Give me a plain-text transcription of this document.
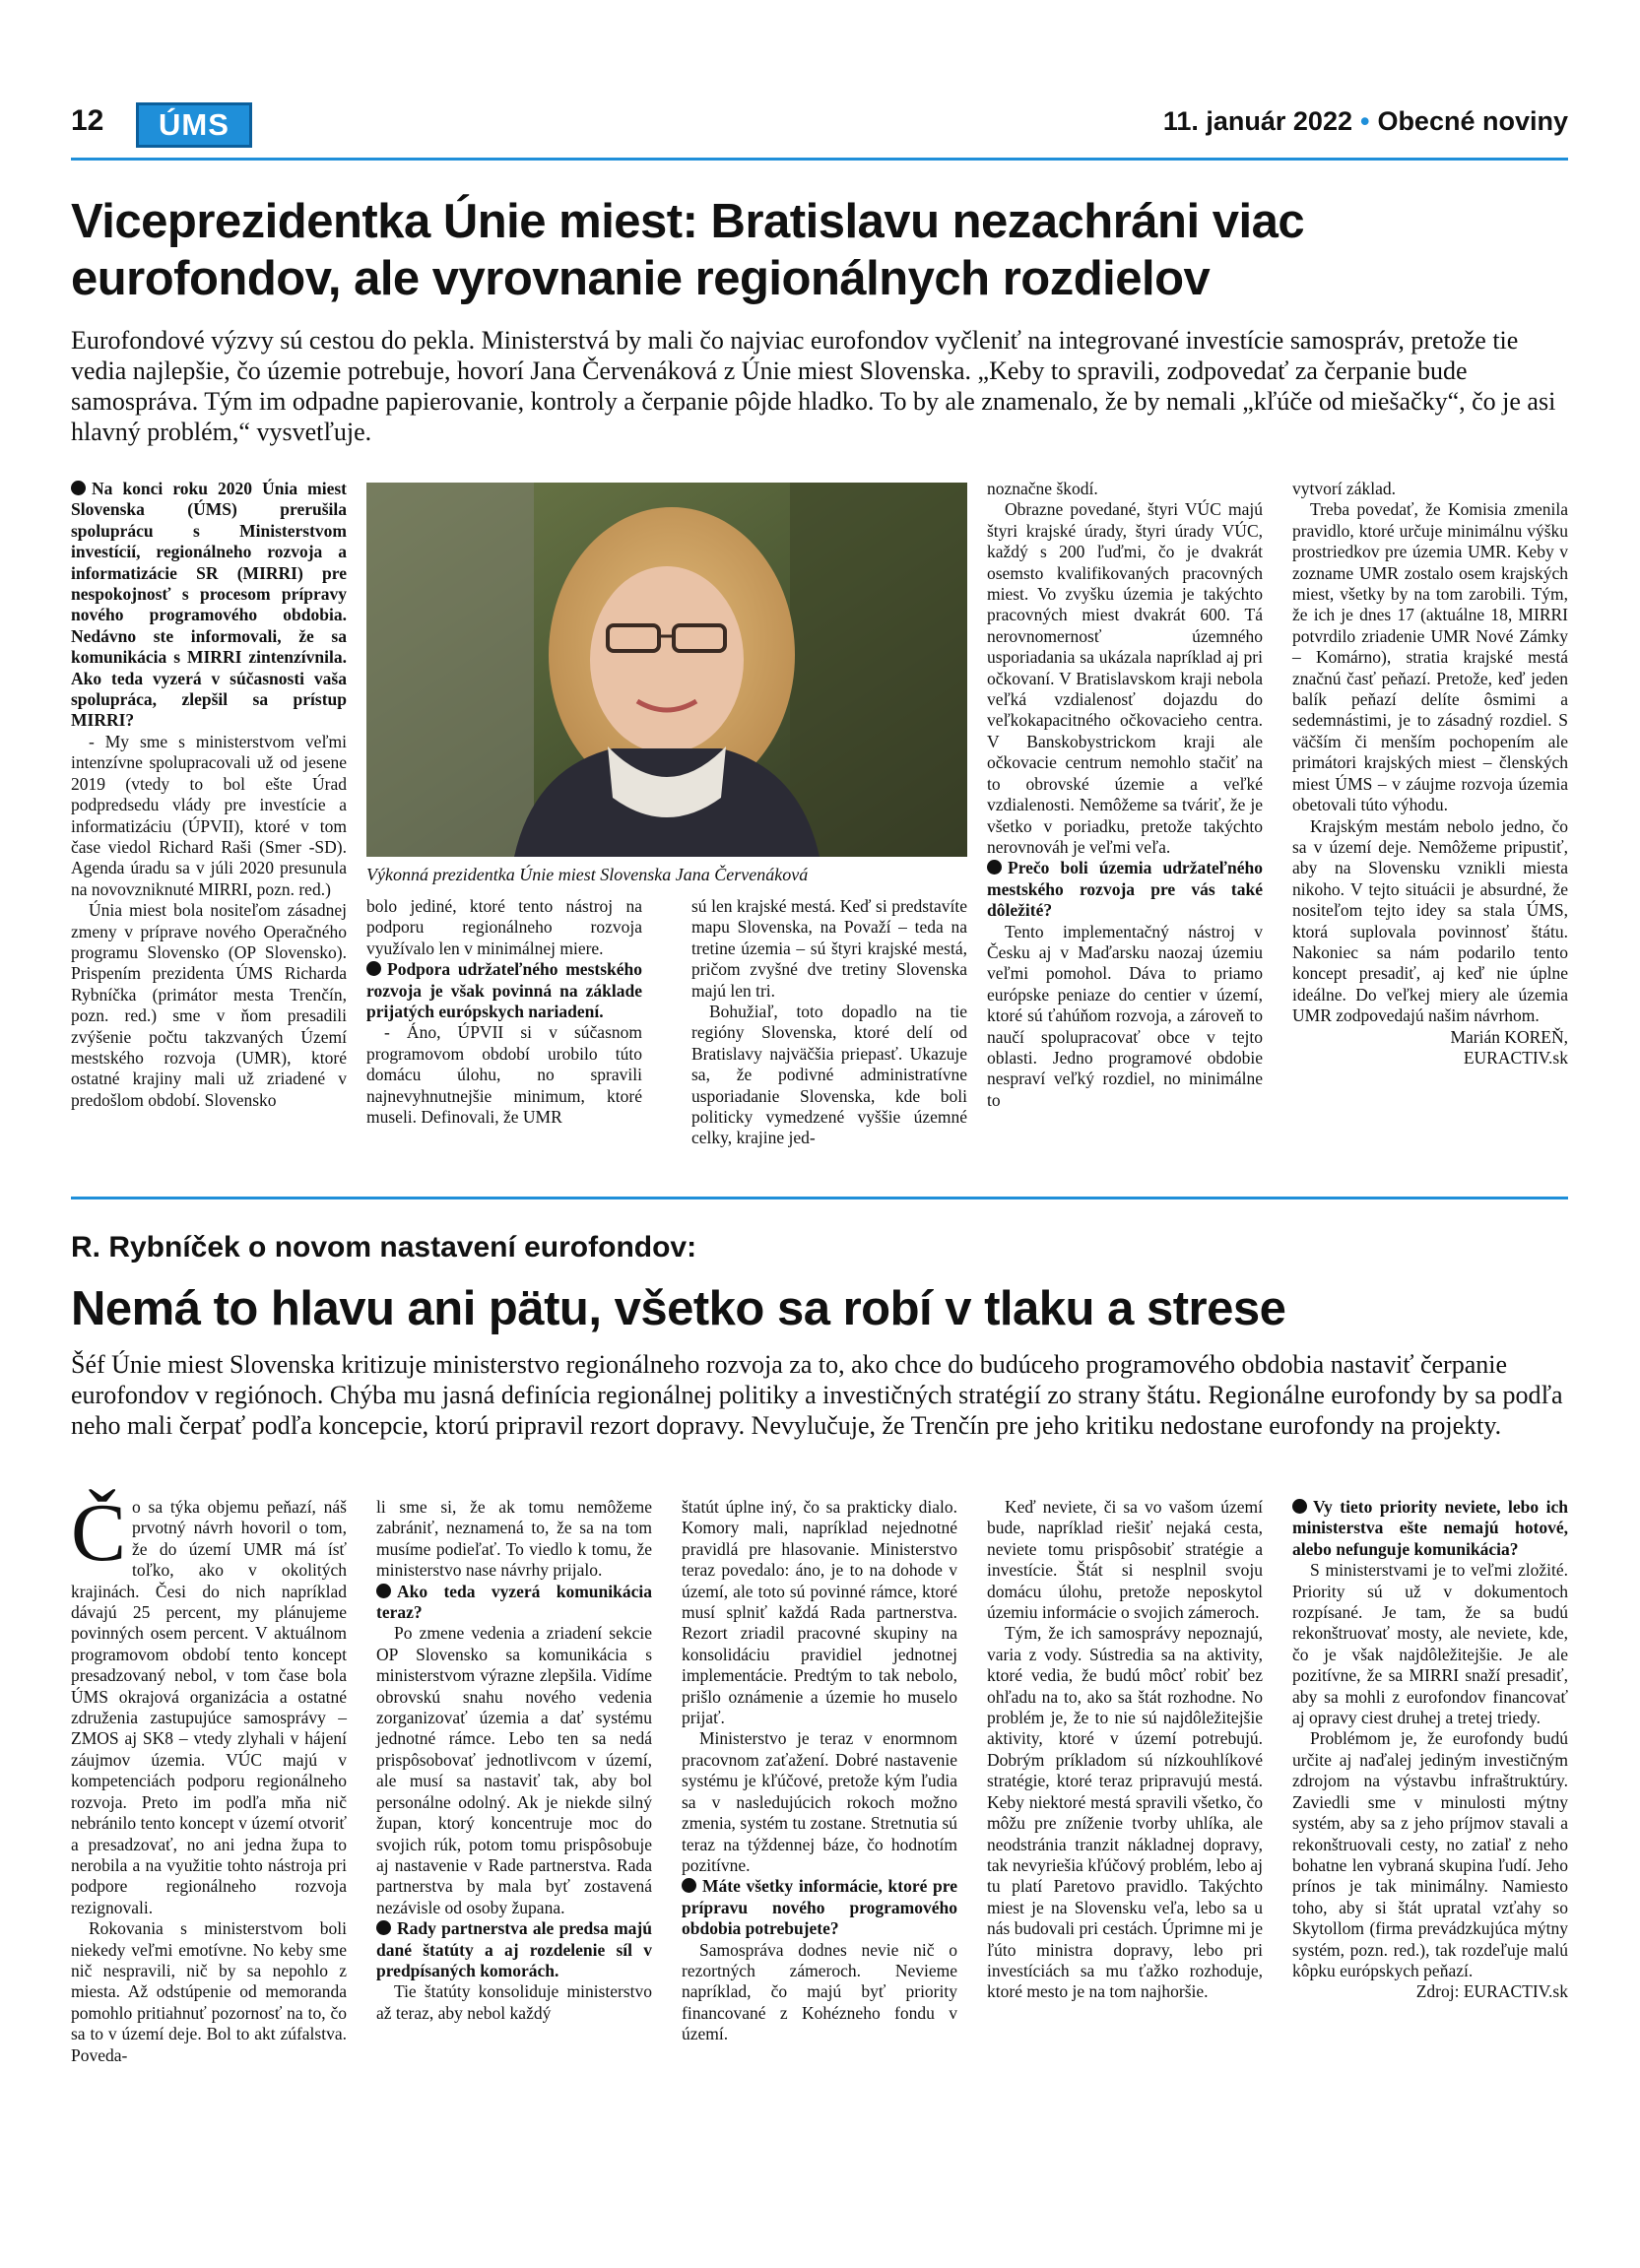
12	ÚMS	11. január 2022 • Obecné noviny
Viceprezidentka Únie miest: Bratislavu nezachráni viac eurofondov, ale vyrovnanie regionálnych rozdielov
Eurofondové výzvy sú cestou do pekla. Ministerstvá by mali čo najviac eurofondov vyčleniť na integrované investície samospráv, pretože tie vedia najlepšie, čo územie potrebuje, hovorí Jana Červenáková z Únie miest Slovenska. „Keby to spravili, zodpovedať za čerpanie bude samospráva. Tým im odpadne papierovanie, kontroly a čerpanie pôjde hladko. To by ale znamenalo, že by nemali „kľúče od miešačky“, čo je asi hlavný problém,“ vysvetľuje.

Na konci roku 2020 Únia miest Slovenska (ÚMS) prerušila spoluprácu s Ministerstvom investícií, regionálneho rozvoja a informatizácie SR (MIRRI) pre nespokojnosť s procesom prípravy nového programového obdobia. Nedávno ste informovali, že sa komunikácia s MIRRI zintenzívnila. Ako teda vyzerá v súčasnosti vaša spolupráca, zlepšil sa prístup MIRRI?

- My sme s ministerstvom veľmi intenzívne spolupracovali už od jesene 2019 (vtedy to bol ešte Úrad podpredsedu vlády pre investície a informatizáciu (ÚPVII), ktoré v tom čase viedol Richard Raši (Smer -SD). Agenda úradu sa v júli 2020 presunula na novovzniknuté MIRRI, pozn. red.)

Únia miest bola nositeľom zásadnej zmeny v príprave nového Operačného programu Slovensko (OP Slovensko). Prispením prezidenta ÚMS Richarda Rybníčka (primátor mesta Trenčín, pozn. red.) sme v ňom presadili zvýšenie počtu takzvaných Území mestského rozvoja (UMR), ktoré ostatné krajiny mali už zriadené v predošlom období. Slovensko

Výkonná prezidentka Únie miest Slovenska Jana Červenáková

bolo jediné, ktoré tento nástroj na podporu regionálneho rozvoja využívalo len v minimálnej miere.

Podpora udržateľného mestského rozvoja je však povinná na základe prijatých európskych nariadení.

- Áno, ÚPVII si v súčasnom programovom období urobilo túto domácu úlohu, no spravili najnevyhnutnejšie minimum, ktoré museli. Definovali, že UMR

sú len krajské mestá. Keď si predstavíte mapu Slovenska, na Považí – teda na tretine územia – sú štyri krajské mestá, pričom zvyšné dve tretiny Slovenska majú len tri.

Bohužiaľ, toto dopadlo na tie regióny Slovenska, ktoré delí od Bratislavy najväčšia priepasť. Ukazuje sa, že podivné administratívne usporiadanie Slovenska, kde boli politicky vymedzené vyššie územné celky, krajine jed-

noznačne škodí.

Obrazne povedané, štyri VÚC majú štyri krajské úrady, štyri úrady VÚC, každý s 200 ľuďmi, čo je dvakrát osemsto kvalifikovaných pracovných miest. Vo zvyšku územia je takýchto pracovných miest dvakrát 600. Tá nerovnomernosť územného usporiadania sa ukázala napríklad aj pri očkovaní. V Bratislavskom kraji nebola veľká vzdialenosť dojazdu do veľkokapacitného očkovacieho centra. V Banskobystrickom kraji ale očkovacie centrum nemohlo stačiť na to obrovské územie a veľké vzdialenosti. Nemôžeme sa tváriť, že je všetko v poriadku, pretože takýchto nerovnováh je veľmi veľa.

Prečo boli územia udržateľného mestského rozvoja pre vás také dôležité?

Tento implementačný nástroj v Česku aj v Maďarsku naozaj územiu veľmi pomohol. Dáva to priamo európske peniaze do centier v území, ktoré sú ťahúňom rozvoja, a zároveň to naučí spolupracovať obce v tejto oblasti. Jedno programové obdobie nespraví veľký rozdiel, no minimálne to

vytvorí základ.

Treba povedať, že Komisia zmenila pravidlo, ktoré určuje minimálnu výšku prostriedkov pre územia UMR. Keby v zozname UMR zostalo osem krajských miest, všetky by na tom zarobili. Tým, že ich je dnes 17 (aktuálne 18, MIRRI potvrdilo zriadenie UMR Nové Zámky – Komárno), stratia krajské mestá značnú časť peňazí. Pretože, keď jeden balík peňazí delíte ôsmimi a sedemnástimi, je to zásadný rozdiel. S väčším či menším pochopením ale primátori krajských miest – členských miest ÚMS – v záujme rozvoja územia obetovali túto výhodu.

Krajským mestám nebolo jedno, čo sa v území deje. Nemôžeme pripustiť, aby na Slovensku vznikli miesta nikoho. V tejto situácii je absurdné, že nositeľom tejto idey sa stala ÚMS, ktorá suplovala povinnosť štátu. Nakoniec sa nám podarilo tento koncept presadiť, aj keď nie úplne ideálne. Do veľkej miery ale územia UMR zodpovedajú našim návrhom.

Marián KOREŇ,

EURACTIV.sk

R. Rybníček o novom nastavení eurofondov:
Nemá to hlavu ani pätu, všetko sa robí v tlaku a strese
Šéf Únie miest Slovenska kritizuje ministerstvo regionálneho rozvoja za to, ako chce do budúceho programového obdobia nastaviť čerpanie eurofondov v regiónoch. Chýba mu jasná definícia regionálnej politiky a investičných stratégií zo strany štátu. Regionálne eurofondy by sa podľa neho mali čerpať podľa koncepcie, ktorú pripravil rezort dopravy. Nevylučuje, že Trenčín pre jeho kritiku nedostane eurofondy na projekty.

Čo sa týka objemu peňazí, náš prvotný návrh hovoril o tom, že do území UMR má ísť toľko, ako v okolitých krajinách. Česi do nich napríklad dávajú 25 percent, my plánujeme povinných osem percent. V aktuálnom programovom období tento koncept presadzovaný nebol, v tom čase bola ÚMS okrajová organizácia a ostatné združenia zastupujúce samosprávy – ZMOS aj SK8 – vtedy zlyhali v hájení záujmov územia. VÚC majú v kompetenciách podporu regionálneho rozvoja. Preto im podľa mňa nič nebránilo tento koncept v území otvoriť a presadzovať, no ani jedna župa to nerobila a na využitie tohto nástroja pri podpore regionálneho rozvoja rezignovali.

Rokovania s ministerstvom boli niekedy veľmi emotívne. No keby sme nič nespravili, nič by sa nepohlo z miesta. Až odstúpenie od memoranda pomohlo pritiahnuť pozornosť na to, čo sa to v území deje. Bol to akt zúfalstva. Poveda-

li sme si, že ak tomu nemôžeme zabrániť, neznamená to, že sa na tom musíme podieľať. To viedlo k tomu, že ministerstvo nase návrhy prijalo.

Ako teda vyzerá komunikácia teraz?

Po zmene vedenia a zriadení sekcie OP Slovensko sa komunikácia s ministerstvom výrazne zlepšila. Vidíme obrovskú snahu nového vedenia zorganizovať územia a dať systému jednotné rámce. Lebo ten sa nedá prispôsobovať jednotlivcom v území, ale musí sa nastaviť tak, aby bol personálne odolný. Ak je niekde silný župan, ktorý koncentruje moc do svojich rúk, potom tomu prispôsobuje aj nastavenie v Rade partnerstva. Rada partnerstva by mala byť zostavená nezávisle od osoby župana.

Rady partnerstva ale predsa majú dané štatúty a aj rozdelenie síl v predpísaných komorách.

Tie štatúty konsolidujе ministerstvo až teraz, aby nebol každý

štatút úplne iný, čo sa prakticky dialo. Komory mali, napríklad nejednotné pravidlá pre hlasovanie. Ministerstvo teraz povedalo: áno, je to na dohode v území, ale toto sú povinné rámce, ktoré musí splniť každá Rada partnerstva. Rezort zriadil pracovné skupiny na konsolidáciu pravidiel jednotnej implementácie. Predtým to tak nebolo, prišlo oznámenie a územie ho muselo prijať.

Ministerstvo je teraz v enormnom pracovnom zaťažení. Dobré nastavenie systému je kľúčové, pretože kým ľudia sa v nasledujúcich rokoch možno zmenia, systém tu zostane. Stretnutia sú teraz na týždennej báze, čo hodnotím pozitívne.

Máte všetky informácie, ktoré pre prípravu nového programového obdobia potrebujete?

Samospráva dodnes nevie nič o rezortných zámeroch. Nevieme napríklad, čo majú byť priority financované z Kohézneho fondu v území.

Keď neviete, či sa vo vašom území bude, napríklad riešiť nejaká cesta, neviete tomu prispôsobiť stratégie a investície. Štát si nesplnil svoju domácu úlohu, pretože neposkytol územiu informácie o svojich zámeroch.

Tým, že ich samosprávy nepoznajú, varia z vody. Sústredia sa na aktivity, ktoré vedia, že budú môcť robiť bez ohľadu na to, ako sa štát rozhodne. No problém je, že to nie sú najdôležitejšie aktivity, ktoré v území potrebujú. Dobrým príkladom sú nízkouhlíkové stratégie, ktoré teraz pripravujú mestá. Keby niektoré mestá spravili všetko, čo môžu pre zníženie tvorby uhlíka, ale neodstránia tranzit nákladnej dopravy, tak nevyriešia kľúčový problém, lebo aj tu platí Paretovo pravidlo. Takýchto miest je na Slovensku veľa, lebo sa u nás budovali pri cestách. Úprimne mi je ľúto ministra dopravy, lebo pri investíciách sa mu ťažko rozhoduje, ktoré mesto je na tom najhoršie.

Vy tieto priority neviete, lebo ich ministerstva ešte nemajú hotové, alebo nefunguje komunikácia?

S ministerstvami je to veľmi zložité. Priority sú už v dokumentoch rozpísané. Je tam, že sa budú rekonštruovať mosty, ale neviete, kde, čo je však najdôležitejšie. Je ale pozitívne, že sa MIRRI snaží presadiť, aby sa mohli z eurofondov financovať aj opravy ciest druhej a tretej triedy.

Problémom je, že eurofondy budú určite aj naďalej jediným investičným zdrojom na výstavbu infraštruktúry. Zaviedli sme v minulosti mýtny systém, aby sa z jeho príjmov stavali a rekonštruovali cesty, no zatiaľ z neho bohatne len vybraná skupina ľudí. Jeho prínos je tak minimálny. Namiesto toho, aby si štát upratal vzťahy so Skytollom (firma prevádzkujúca mýtny systém, pozn. red.), tak rozdeľuje malú kôpku európskych peňazí.

Zdroj: EURACTIV.sk
